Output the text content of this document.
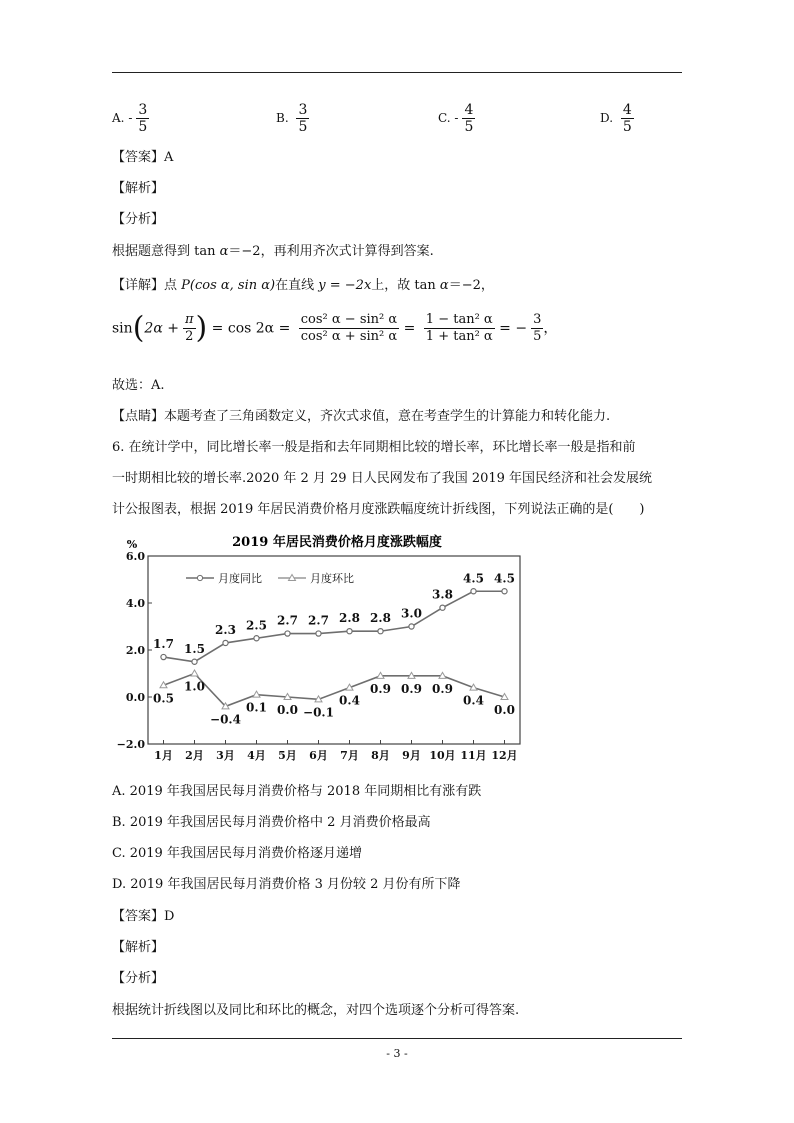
A. - $\frac{3}{5}$	B. $\frac{3}{5}$	C. - $\frac{4}{5}$	D. $\frac{4}{5}$
【答案】A
【解析】
【分析】
根据题意得到 tan α＝−2，再利用齐次式计算得到答案.
【详解】点 P(cos α, sin α)在直线 y = −2x上，故 tan α＝−2，
$\sin(2\alpha + \frac{\pi}{2}$ ) = $\cos 2\alpha = \frac{\text{cos² α − sin² α}}{\text{cos² α + sin² α}} = \frac{\text{1 − tan² α}}{\text{1 + tan² α}}$ = − $\frac{3}{5}$ ，
故选：A.
【点睛】本题考查了三角函数定义，齐次式求值，意在考查学生的计算能力和转化能力.
6. 在统计学中，同比增长率一般是指和去年同期相比较的增长率，环比增长率一般是指和前
一时期相比较的增长率.2020 年 2 月 29 日人民网发布了我国 2019 年国民经济和社会发展统
计公报图表，根据 2019 年居民消费价格月度涨跌幅度统计折线图，下列说法正确的是(　　)
2019 年居民消费价格月度涨跌幅度
%
6.0
4.0
2.0
0.0
−2.0
1月 2月 3月 4月 5月 6月 7月 8月 9月 10月 11月 12月
1.7 1.5
2.3 2.5 2.7 2.7 2.8 2.8 3.0
3.8
4.5 4.5
0.5
1.0
−0.4
0.1 0.0 −0.1
0.4
0.9 0.9 0.9
0.4
0.0
月度同比	月度环比
A. 2019 年我国居民每月消费价格与 2018 年同期相比有涨有跌
B. 2019 年我国居民每月消费价格中 2 月消费价格最高
C. 2019 年我国居民每月消费价格逐月递增
D. 2019 年我国居民每月消费价格 3 月份较 2 月份有所下降
【答案】D
【解析】
【分析】
根据统计折线图以及同比和环比的概念，对四个选项逐个分析可得答案.
- 3 -
